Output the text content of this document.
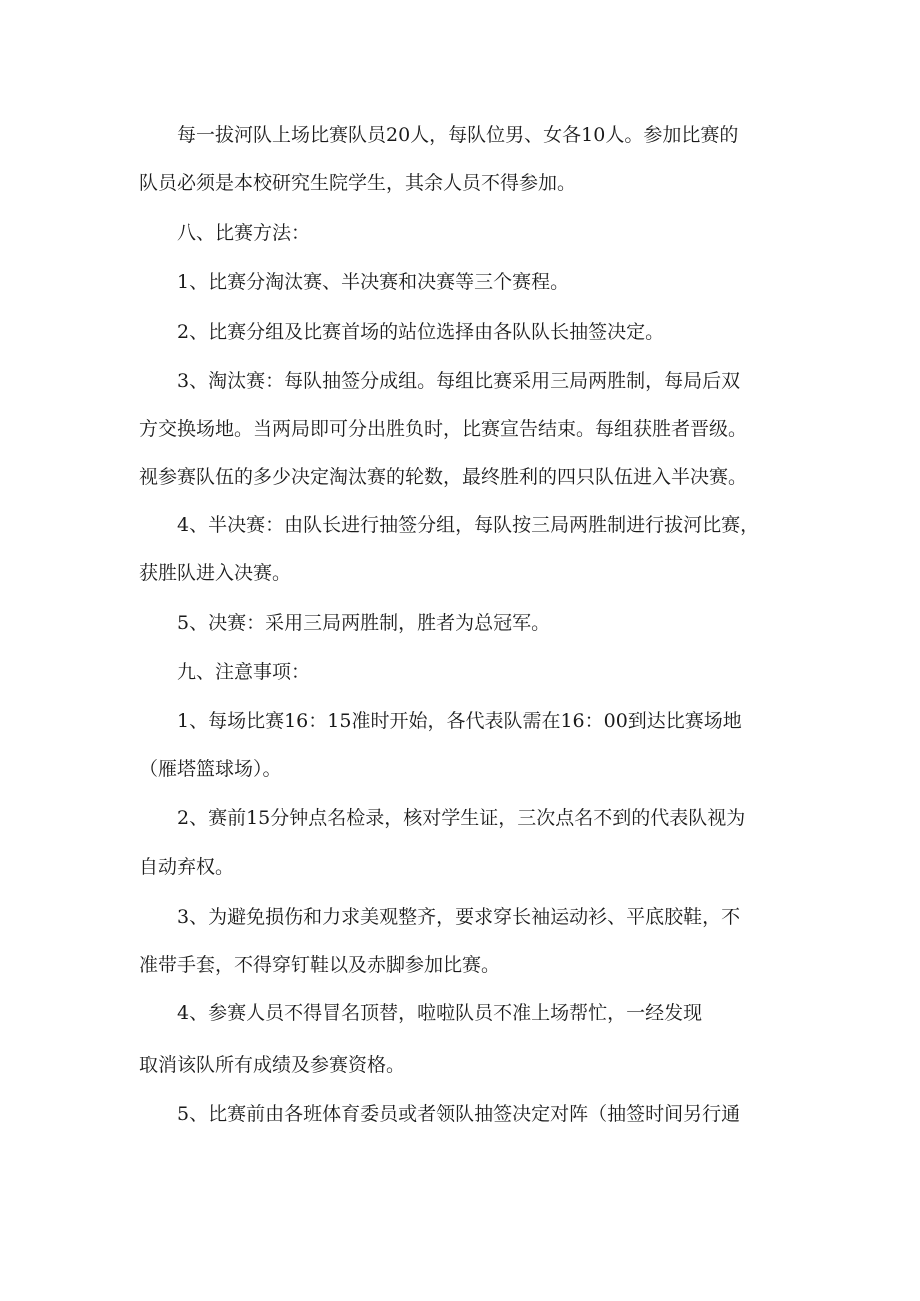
每一拔河队上场比赛队员20人，每队位男、女各10人。参加比赛的
队员必须是本校研究生院学生，其余人员不得参加。
八、比赛方法：
1、比赛分淘汰赛、半决赛和决赛等三个赛程。
2、比赛分组及比赛首场的站位选择由各队队长抽签决定。
3、淘汰赛：每队抽签分成组。每组比赛采用三局两胜制，每局后双
方交换场地。当两局即可分出胜负时，比赛宣告结束。每组获胜者晋级。
视参赛队伍的多少决定淘汰赛的轮数，最终胜利的四只队伍进入半决赛。
4、半决赛：由队长进行抽签分组，每队按三局两胜制进行拔河比赛，
获胜队进入决赛。
5、决赛：采用三局两胜制，胜者为总冠军。
九、注意事项：
1、每场比赛16：15准时开始，各代表队需在16：00到达比赛场地
（雁塔篮球场）。
2、赛前15分钟点名检录，核对学生证，三次点名不到的代表队视为
自动弃权。
3、为避免损伤和力求美观整齐，要求穿长袖运动衫、平底胶鞋，不
准带手套，不得穿钉鞋以及赤脚参加比赛。
4、参赛人员不得冒名顶替，啦啦队员不准上场帮忙，一经发现
取消该队所有成绩及参赛资格。
5、比赛前由各班体育委员或者领队抽签决定对阵（抽签时间另行通
